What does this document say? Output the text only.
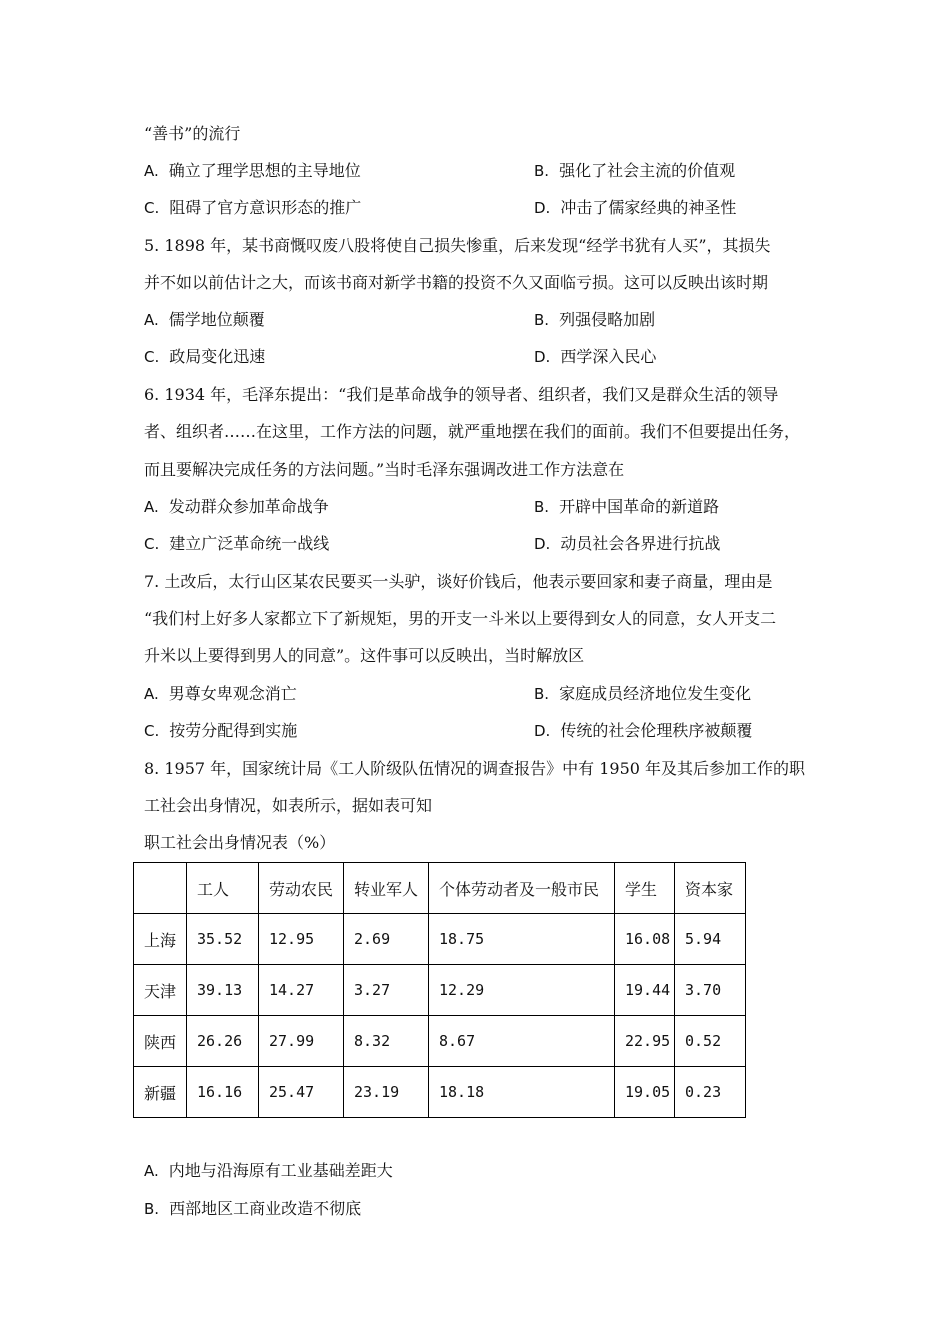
“善书”的流行
A. 确立了理学思想的主导地位	B. 强化了社会主流的价值观
C. 阻碍了官方意识形态的推广	D. 冲击了儒家经典的神圣性
5. 1898 年，某书商慨叹废八股将使自己损失惨重，后来发现“经学书犹有人买”，其损失
并不如以前估计之大，而该书商对新学书籍的投资不久又面临亏损。这可以反映出该时期
A. 儒学地位颠覆	B. 列强侵略加剧
C. 政局变化迅速	D. 西学深入民心
6. 1934 年，毛泽东提出：“我们是革命战争的领导者、组织者，我们又是群众生活的领导
者、组织者……在这里，工作方法的问题，就严重地摆在我们的面前。我们不但要提出任务，
而且要解决完成任务的方法问题。”当时毛泽东强调改进工作方法意在
A. 发动群众参加革命战争	B. 开辟中国革命的新道路
C. 建立广泛革命统一战线	D. 动员社会各界进行抗战
7. 土改后，太行山区某农民要买一头驴，谈好价钱后，他表示要回家和妻子商量，理由是
“我们村上好多人家都立下了新规矩，男的开支一斗米以上要得到女人的同意，女人开支二
升米以上要得到男人的同意”。这件事可以反映出，当时解放区
A. 男尊女卑观念消亡	B. 家庭成员经济地位发生变化
C. 按劳分配得到实施	D. 传统的社会伦理秩序被颠覆
8. 1957 年，国家统计局《工人阶级队伍情况的调查报告》中有 1950 年及其后参加工作的职
工社会出身情况，如表所示，据如表可知
职工社会出身情况表（%）
	工人	劳动农民	转业军人	个体劳动者及一般市民	学生	资本家
上海	35.52	12.95	2.69	18.75	16.08	5.94
天津	39.13	14.27	3.27	12.29	19.44	3.70
陕西	26.26	27.99	8.32	8.67	22.95	0.52
新疆	16.16	25.47	23.19	18.18	19.05	0.23
A. 内地与沿海原有工业基础差距大
B. 西部地区工商业改造不彻底
